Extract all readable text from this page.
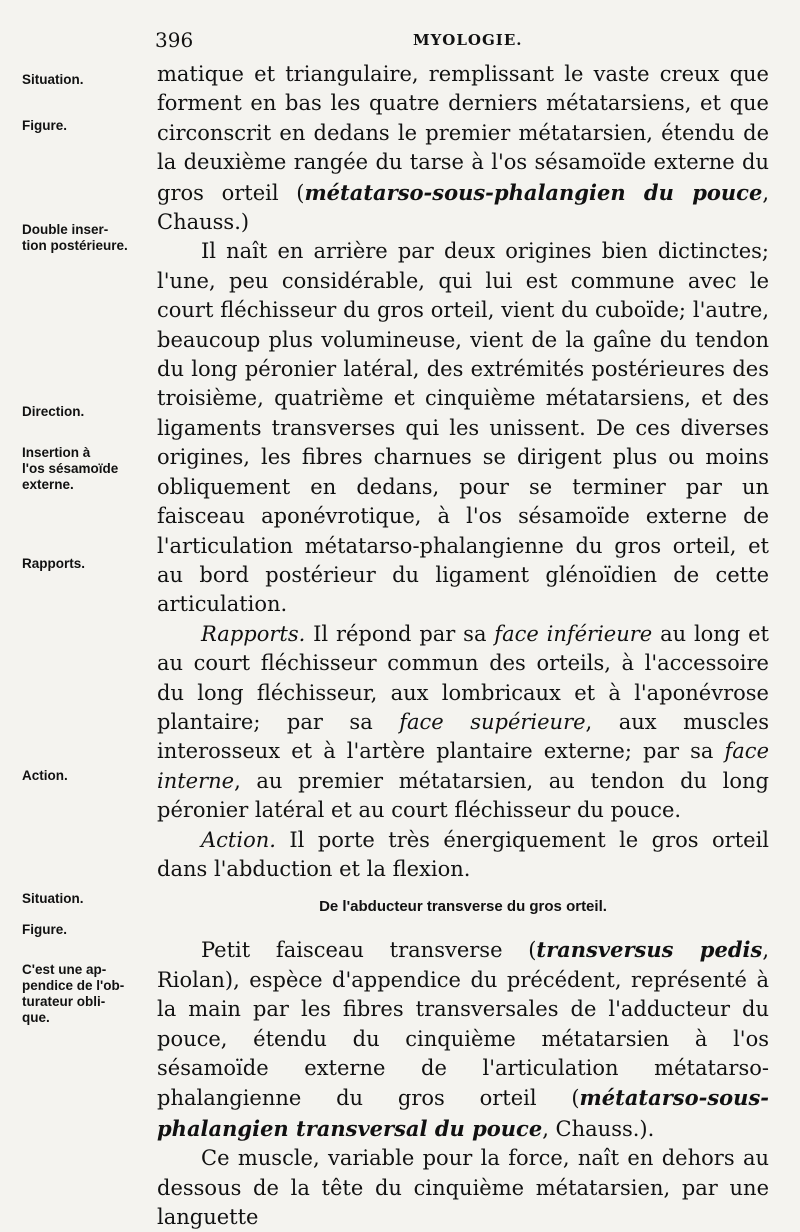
396	MYOLOGIE.
Situation.
Figure.
Double inser-
tion postérieure.
Direction.
Insertion à
l'os sésamoïde
externe.
Rapports.
Action.
Situation.
Figure.
C'est une ap-
pendice de l'ob-
turateur obli-
que.

matique et triangulaire, remplissant le vaste creux que forment en bas les quatre derniers métatarsiens, et que circonscrit en dedans le premier métatarsien, étendu de la deuxième rangée du tarse à l'os sésamoïde externe du gros orteil (métatarso-sous-phalangien du pouce, Chauss.)

Il naît en arrière par deux origines bien dictinctes; l'une, peu considérable, qui lui est commune avec le court fléchisseur du gros orteil, vient du cuboïde; l'autre, beaucoup plus volumineuse, vient de la gaîne du tendon du long péronier latéral, des extrémités postérieures des troisième, quatrième et cinquième métatarsiens, et des ligaments transverses qui les unissent. De ces diverses origines, les fibres charnues se dirigent plus ou moins obliquement en dedans, pour se terminer par un faisceau aponévrotique, à l'os sésamoïde externe de l'articulation métatarso-phalangienne du gros orteil, et au bord postérieur du ligament glénoïdien de cette articulation.

Rapports. Il répond par sa face inférieure au long et au court fléchisseur commun des orteils, à l'accessoire du long fléchisseur, aux lombricaux et à l'aponévrose plantaire; par sa face supérieure, aux muscles interosseux et à l'artère plantaire externe; par sa face interne, au premier métatarsien, au tendon du long péronier latéral et au court fléchisseur du pouce.

Action. Il porte très énergiquement le gros orteil dans l'abduction et la flexion.

De l'abducteur transverse du gros orteil.

Petit faisceau transverse (transversus pedis, Riolan), espèce d'appendice du précédent, représenté à la main par les fibres transversales de l'adducteur du pouce, étendu du cinquième métatarsien à l'os sésamoïde externe de l'articulation métatarso-phalangienne du gros orteil (métatarso-sous-phalangien transversal du pouce, Chauss.).

Ce muscle, variable pour la force, naît en dehors au dessous de la tête du cinquième métatarsien, par une languette
